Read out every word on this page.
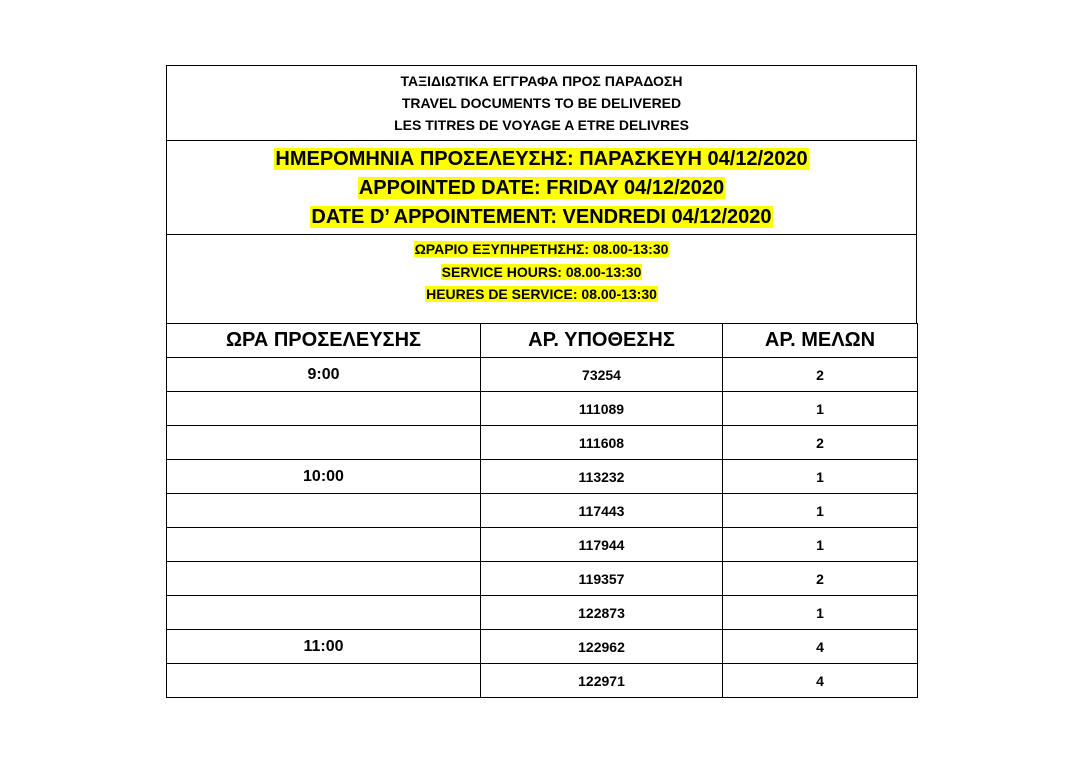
ΤΑΞΙΔΙΩΤΙΚΑ ΕΓΓΡΑΦΑ ΠΡΟΣ ΠΑΡΑΔΟΣΗ
TRAVEL DOCUMENTS TO BE DELIVERED
LES TITRES DE VOYAGE A ETRE DELIVRES
ΗΜΕΡΟΜΗΝΙΑ ΠΡΟΣΕΛΕΥΣΗΣ: ΠΑΡΑΣΚΕΥΗ 04/12/2020
APPOINTED DATE: FRIDAY 04/12/2020
DATE D’ APPOINTEMENT: VENDREDI 04/12/2020
ΩΡΑΡΙΟ ΕΞΥΠΗΡΕΤΗΣΗΣ: 08.00-13:30
SERVICE HOURS: 08.00-13:30
HEURES DE SERVICE: 08.00-13:30
ΩΡΑ ΠΡΟΣΕΛΕΥΣΗΣ	ΑΡ. ΥΠΟΘΕΣΗΣ	ΑΡ. ΜΕΛΩΝ
9:00	73254	2
	111089	1
	111608	2
10:00	113232	1
	117443	1
	117944	1
	119357	2
	122873	1
11:00	122962	4
	122971	4
